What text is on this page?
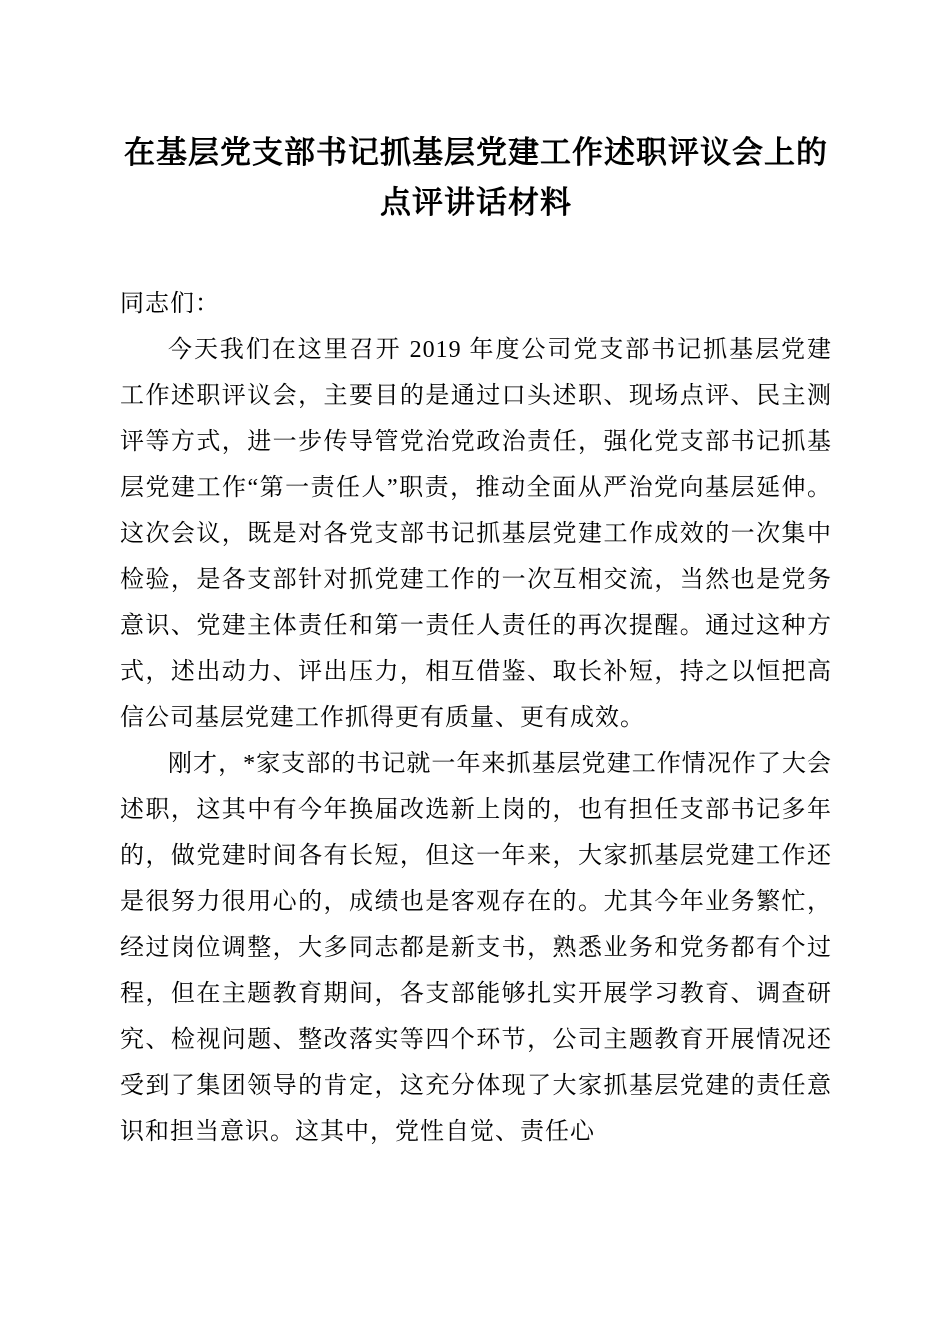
在基层党支部书记抓基层党建工作述职评议会上的点评讲话材料

同志们：

今天我们在这里召开 2019 年度公司党支部书记抓基层党建工作述职评议会，主要目的是通过口头述职、现场点评、民主测评等方式，进一步传导管党治党政治责任，强化党支部书记抓基层党建工作“第一责任人”职责，推动全面从严治党向基层延伸。这次会议，既是对各党支部书记抓基层党建工作成效的一次集中检验，是各支部针对抓党建工作的一次互相交流，当然也是党务意识、党建主体责任和第一责任人责任的再次提醒。通过这种方式，述出动力、评出压力，相互借鉴、取长补短，持之以恒把高信公司基层党建工作抓得更有质量、更有成效。

刚才，*家支部的书记就一年来抓基层党建工作情况作了大会述职，这其中有今年换届改选新上岗的，也有担任支部书记多年的，做党建时间各有长短，但这一年来，大家抓基层党建工作还是很努力很用心的，成绩也是客观存在的。尤其今年业务繁忙，经过岗位调整，大多同志都是新支书，熟悉业务和党务都有个过程，但在主题教育期间，各支部能够扎实开展学习教育、调查研究、检视问题、整改落实等四个环节，公司主题教育开展情况还受到了集团领导的肯定，这充分体现了大家抓基层党建的责任意识和担当意识。这其中，党性自觉、责任心
